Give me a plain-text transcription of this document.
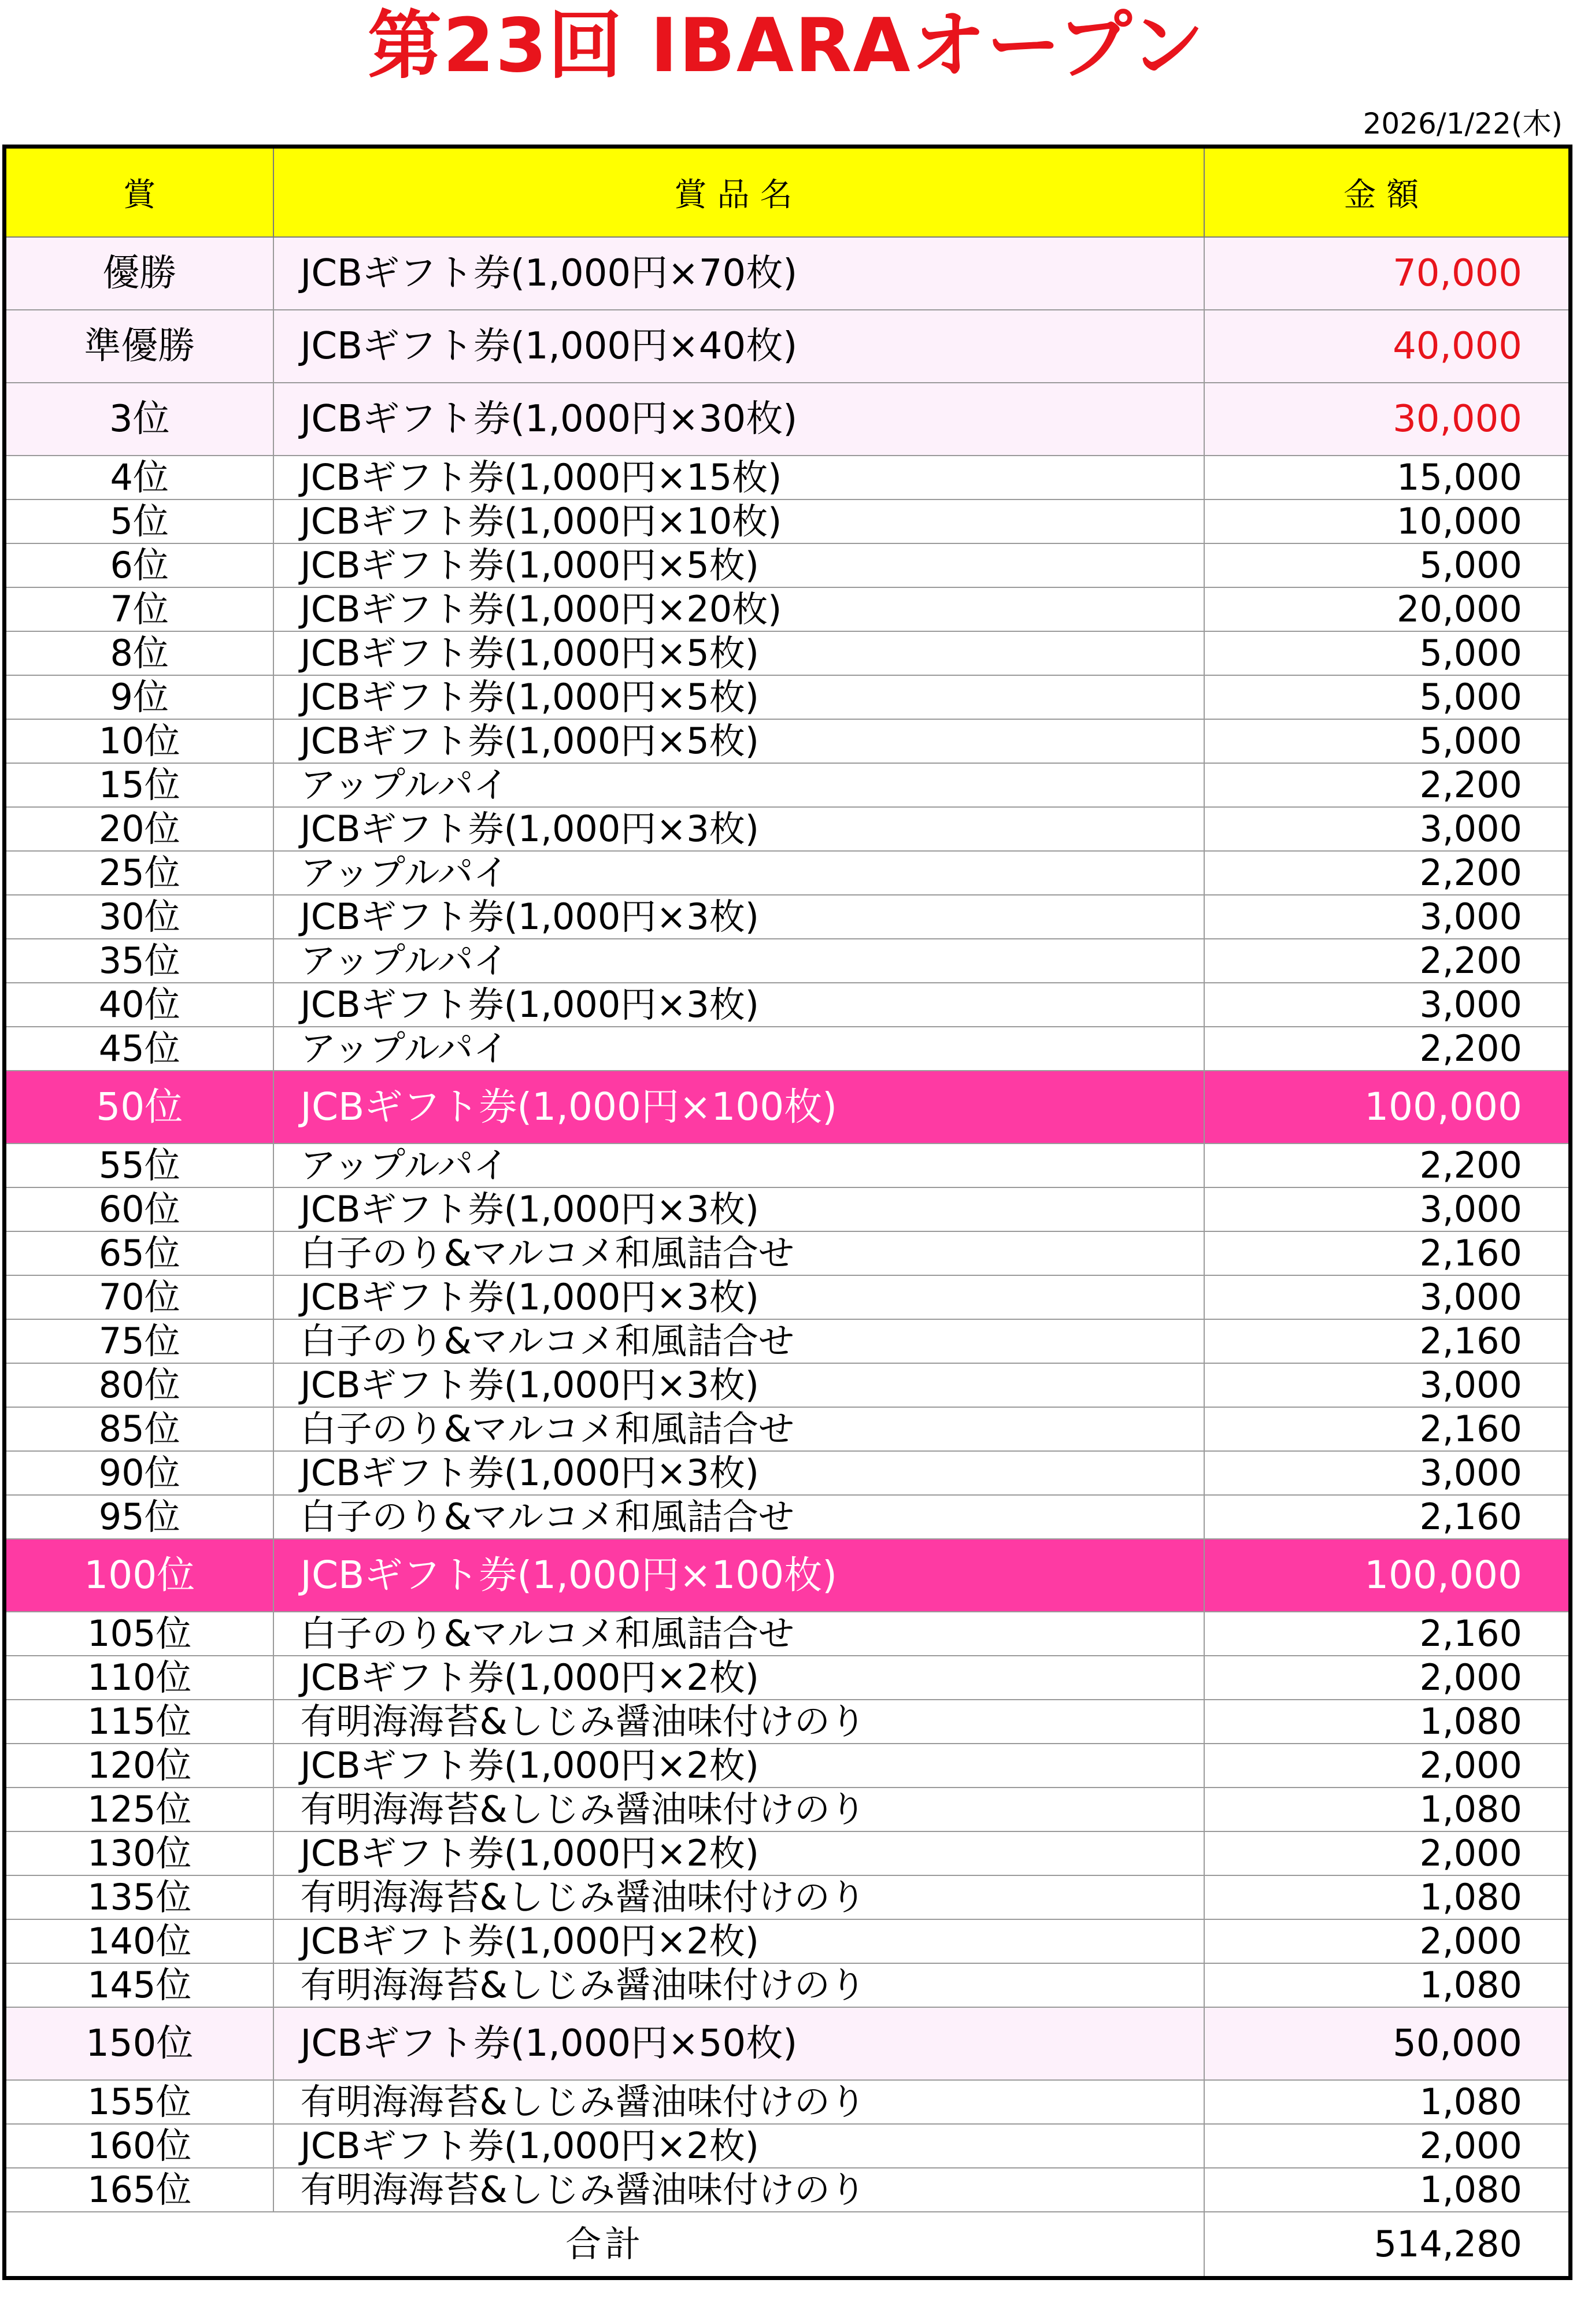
第23回 IBARAオープン
2026/1/22(木)
賞	賞品名	金額
優勝	JCBギフト券(1,000円×70枚)	70,000
準優勝	JCBギフト券(1,000円×40枚)	40,000
3位	JCBギフト券(1,000円×30枚)	30,000
4位	JCBギフト券(1,000円×15枚)	15,000
5位	JCBギフト券(1,000円×10枚)	10,000
6位	JCBギフト券(1,000円×5枚)	5,000
7位	JCBギフト券(1,000円×20枚)	20,000
8位	JCBギフト券(1,000円×5枚)	5,000
9位	JCBギフト券(1,000円×5枚)	5,000
10位	JCBギフト券(1,000円×5枚)	5,000
15位	アップルパイ	2,200
20位	JCBギフト券(1,000円×3枚)	3,000
25位	アップルパイ	2,200
30位	JCBギフト券(1,000円×3枚)	3,000
35位	アップルパイ	2,200
40位	JCBギフト券(1,000円×3枚)	3,000
45位	アップルパイ	2,200
50位	JCBギフト券(1,000円×100枚)	100,000
55位	アップルパイ	2,200
60位	JCBギフト券(1,000円×3枚)	3,000
65位	白子のり&マルコメ和風詰合せ	2,160
70位	JCBギフト券(1,000円×3枚)	3,000
75位	白子のり&マルコメ和風詰合せ	2,160
80位	JCBギフト券(1,000円×3枚)	3,000
85位	白子のり&マルコメ和風詰合せ	2,160
90位	JCBギフト券(1,000円×3枚)	3,000
95位	白子のり&マルコメ和風詰合せ	2,160
100位	JCBギフト券(1,000円×100枚)	100,000
105位	白子のり&マルコメ和風詰合せ	2,160
110位	JCBギフト券(1,000円×2枚)	2,000
115位	有明海海苔&しじみ醤油味付けのり	1,080
120位	JCBギフト券(1,000円×2枚)	2,000
125位	有明海海苔&しじみ醤油味付けのり	1,080
130位	JCBギフト券(1,000円×2枚)	2,000
135位	有明海海苔&しじみ醤油味付けのり	1,080
140位	JCBギフト券(1,000円×2枚)	2,000
145位	有明海海苔&しじみ醤油味付けのり	1,080
150位	JCBギフト券(1,000円×50枚)	50,000
155位	有明海海苔&しじみ醤油味付けのり	1,080
160位	JCBギフト券(1,000円×2枚)	2,000
165位	有明海海苔&しじみ醤油味付けのり	1,080
合計		514,280
